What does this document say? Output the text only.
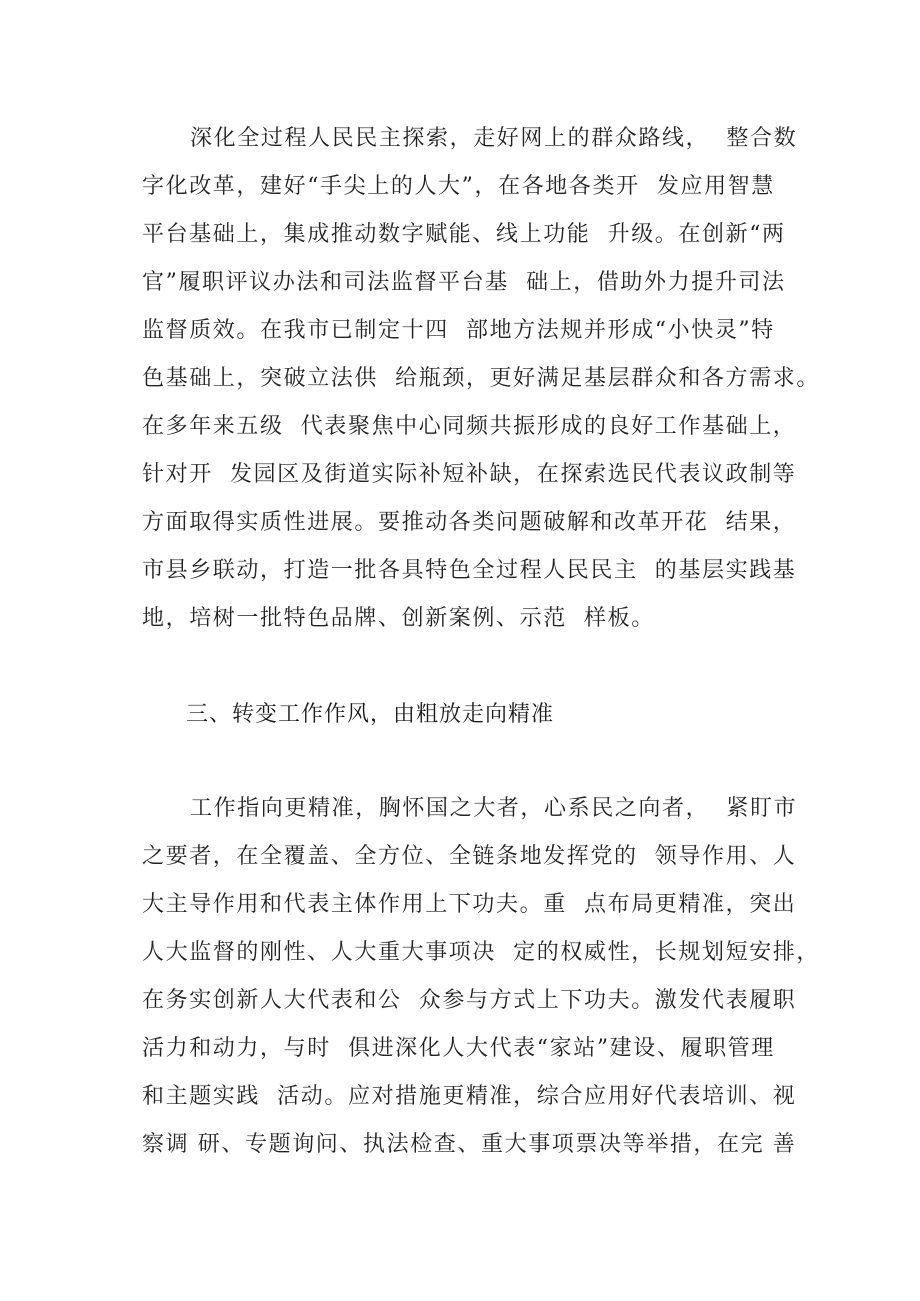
深化全过程人民民主探索，走好网上的群众路线，  整合数
字化改革，建好“手尖上的人大”，在各地各类开  发应用智慧
平台基础上，集成推动数字赋能、线上功能  升级。在创新“两
官”履职评议办法和司法监督平台基  础上，借助外力提升司法
监督质效。在我市已制定十四  部地方法规并形成“小快灵”特
色基础上，突破立法供  给瓶颈，更好满足基层群众和各方需求。
在多年来五级  代表聚焦中心同频共振形成的良好工作基础上，
针对开  发园区及街道实际补短补缺，在探索选民代表议政制等
方面取得实质性进展。要推动各类问题破解和改革开花  结果，
市县乡联动，打造一批各具特色全过程人民民主  的基层实践基
地，培树一批特色品牌、创新案例、示范  样板。
三、转变工作作风，由粗放走向精准
工作指向更精准，胸怀国之大者，心系民之向者，  紧盯市
之要者，在全覆盖、全方位、全链条地发挥党的  领导作用、人
大主导作用和代表主体作用上下功夫。重  点布局更精准，突出
人大监督的刚性、人大重大事项决  定的权威性，长规划短安排，
在务实创新人大代表和公  众参与方式上下功夫。激发代表履职
活力和动力，与时  俱进深化人大代表“家站”建设、履职管理
和主题实践  活动。应对措施更精准，综合应用好代表培训、视
察调 研、专题询问、执法检查、重大事项票决等举措，在完 善
